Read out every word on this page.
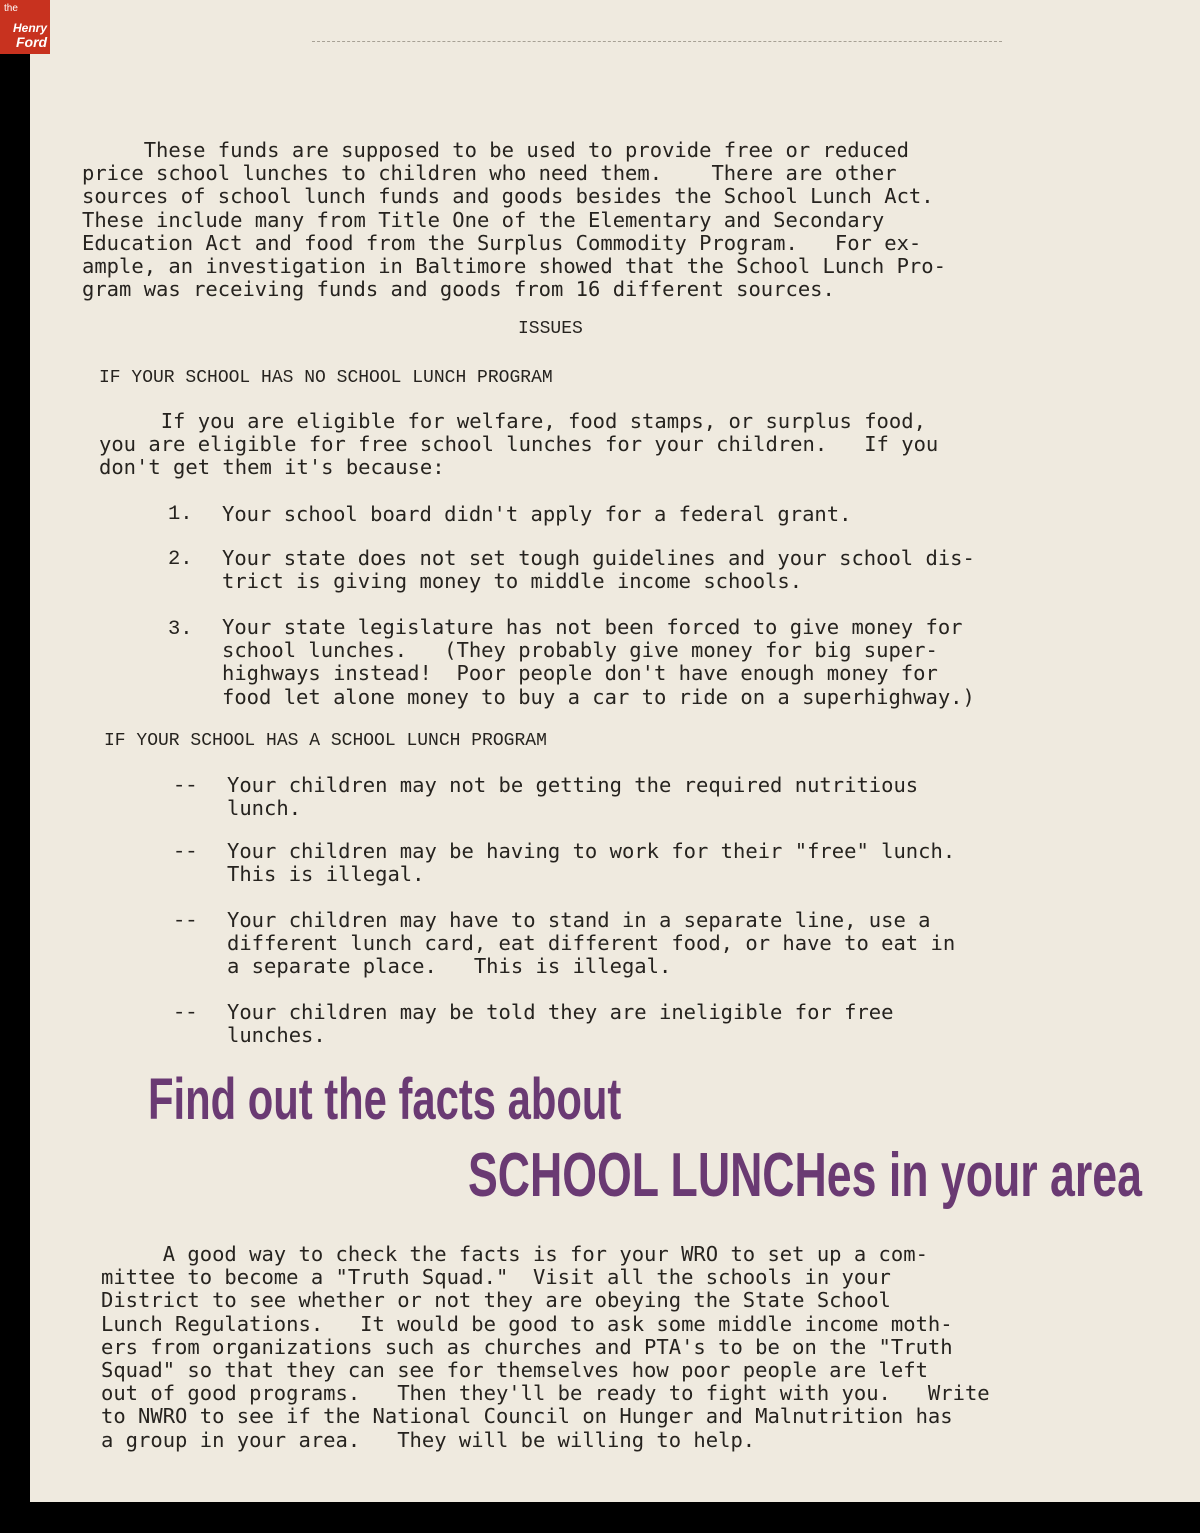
the
Henry
Ford
These funds are supposed to be used to provide free or reduced
price school lunches to children who need them.    There are other
sources of school lunch funds and goods besides the School Lunch Act.
These include many from Title One of the Elementary and Secondary
Education Act and food from the Surplus Commodity Program.   For ex-
ample, an investigation in Baltimore showed that the School Lunch Pro-
gram was receiving funds and goods from 16 different sources.
ISSUES
IF YOUR SCHOOL HAS NO SCHOOL LUNCH PROGRAM
If you are eligible for welfare, food stamps, or surplus food,
you are eligible for free school lunches for your children.   If you
don't get them it's because:
1. Your school board didn't apply for a federal grant.
2. Your state does not set tough guidelines and your school dis-
trict is giving money to middle income schools.
3. Your state legislature has not been forced to give money for
school lunches.   (They probably give money for big super-
highways instead!  Poor people don't have enough money for
food let alone money to buy a car to ride on a superhighway.)
IF YOUR SCHOOL HAS A SCHOOL LUNCH PROGRAM
-- Your children may not be getting the required nutritious
lunch.
-- Your children may be having to work for their "free" lunch.
This is illegal.
-- Your children may have to stand in a separate line, use a
different lunch card, eat different food, or have to eat in
a separate place.   This is illegal.
-- Your children may be told they are ineligible for free
lunches.
Find out the facts about
SCHOOL LUNCHes in your area
A good way to check the facts is for your WRO to set up a com-
mittee to become a "Truth Squad."  Visit all the schools in your
District to see whether or not they are obeying the State School
Lunch Regulations.   It would be good to ask some middle income moth-
ers from organizations such as churches and PTA's to be on the "Truth
Squad" so that they can see for themselves how poor people are left
out of good programs.   Then they'll be ready to fight with you.   Write
to NWRO to see if the National Council on Hunger and Malnutrition has
a group in your area.   They will be willing to help.
